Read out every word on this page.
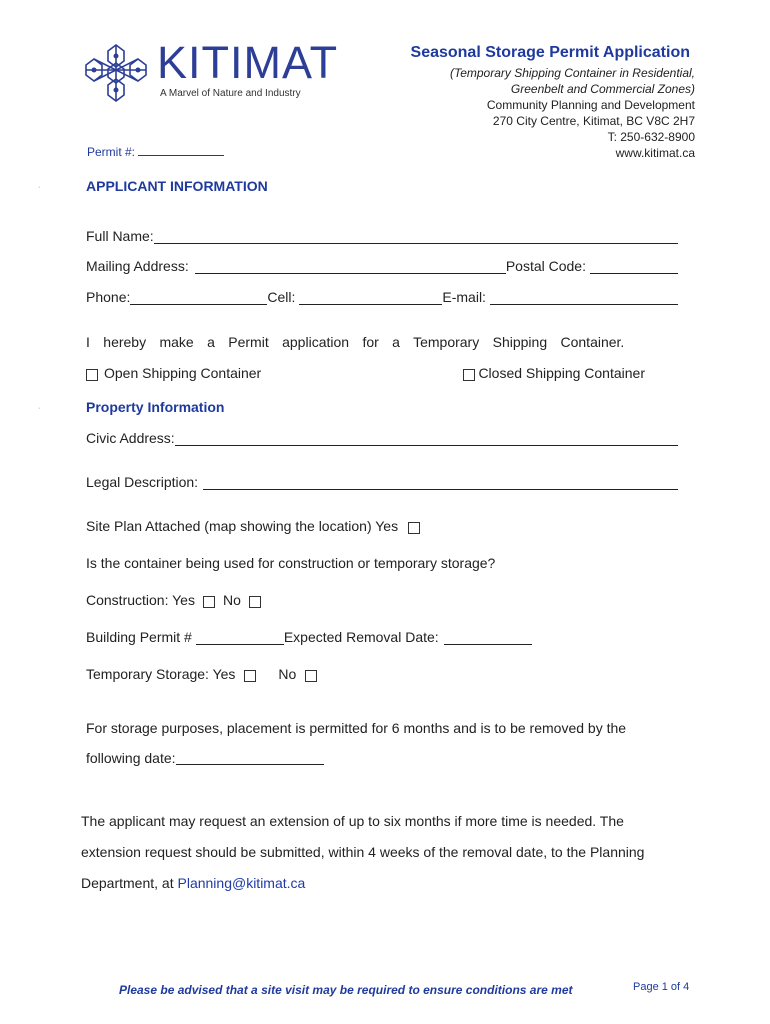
KITIMAT
A Marvel of Nature and Industry
Seasonal Storage Permit Application
(Temporary Shipping Container in Residential,
Greenbelt and Commercial Zones)
Community Planning and Development
270 City Centre, Kitimat, BC V8C 2H7
T: 250-632-8900
www.kitimat.ca
Permit #:
·	APPLICANT INFORMATION
Full Name:
Mailing Address:	Postal Code:
Phone:	Cell:	E-mail:
I hereby make a Permit application for a Temporary Shipping Container.
Open Shipping Container	Closed Shipping Container
·	Property Information
Civic Address:
Legal Description:
Site Plan Attached (map showing the location) Yes
Is the container being used for construction or temporary storage?
Construction: Yes No
Building Permit #	Expected Removal Date:
Temporary Storage: Yes	No
For storage purposes, placement is permitted for 6 months and is to be removed by the
following date:
The applicant may request an extension of up to six months if more time is needed. The
extension request should be submitted, within 4 weeks of the removal date, to the Planning
Department, at Planning@kitimat.ca
Please be advised that a site visit may be required to ensure conditions are met	Page 1 of 4
